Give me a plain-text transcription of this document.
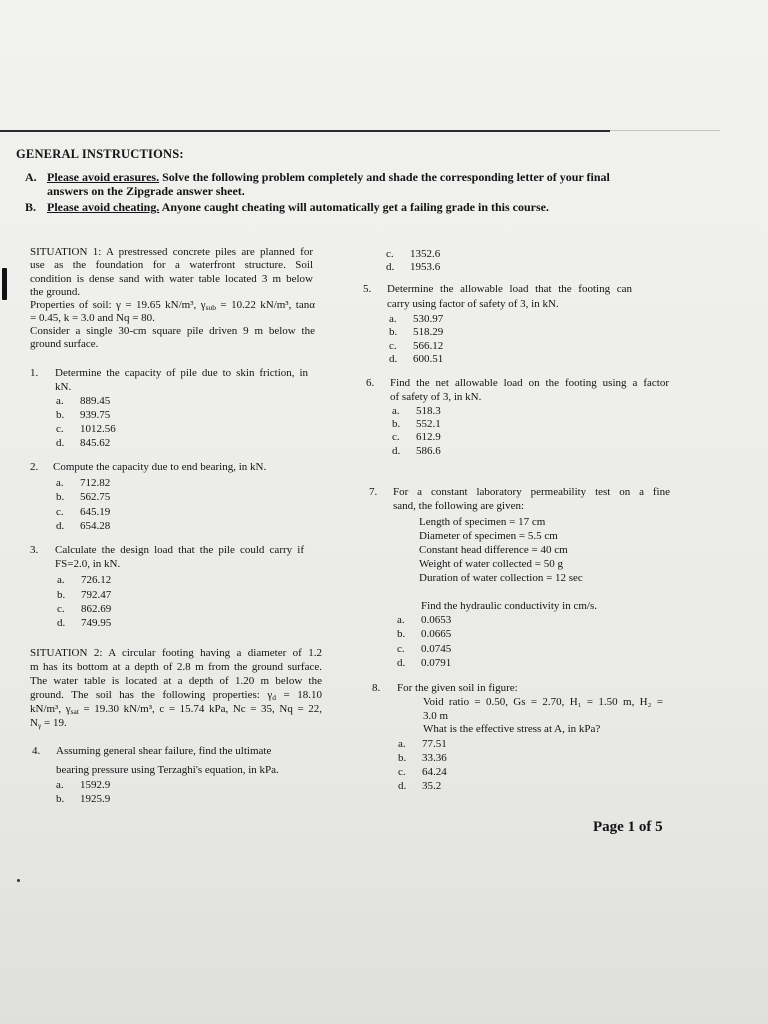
GENERAL INSTRUCTIONS:
A. Please avoid erasures. Solve the following problem completely and shade the corresponding letter of your final
answers on the Zipgrade answer sheet.
B. Please avoid cheating. Anyone caught cheating will automatically get a failing grade in this course.
SITUATION 1: A prestressed concrete piles are planned for
use as the foundation for a waterfront structure. Soil
condition is dense sand with water table located 3 m below
the ground.
Properties of soil: γ = 19.65 kN/m³, γsub = 10.22 kN/m³, tanα
= 0.45, k = 3.0 and Nq = 80.
Consider a single 30-cm square pile driven 9 m below the
ground surface.
1. Determine the capacity of pile due to skin friction, in
kN.
a. 889.45
b. 939.75
c. 1012.56
d. 845.62
2. Compute the capacity due to end bearing, in kN.
a. 712.82
b. 562.75
c. 645.19
d. 654.28
3. Calculate the design load that the pile could carry if
FS=2.0, in kN.
a. 726.12
b. 792.47
c. 862.69
d. 749.95
SITUATION 2: A circular footing having a diameter of 1.2
m has its bottom at a depth of 2.8 m from the ground surface.
The water table is located at a depth of 1.20 m below the
ground. The soil has the following properties: γd = 18.10
kN/m³, γsat = 19.30 kN/m³, c = 15.74 kPa, Nc = 35, Nq = 22,
Nγ = 19.
4. Assuming general shear failure, find the ultimate
bearing pressure using Terzaghi's equation, in kPa.
a. 1592.9
b. 1925.9
c. 1352.6
d. 1953.6
5. Determine the allowable load that the footing can
carry using factor of safety of 3, in kN.
a. 530.97
b. 518.29
c. 566.12
d. 600.51
6. Find the net allowable load on the footing using a factor
of safety of 3, in kN.
a. 518.3
b. 552.1
c. 612.9
d. 586.6
7. For a constant laboratory permeability test on a fine
sand, the following are given:
Length of specimen = 17 cm
Diameter of specimen = 5.5 cm
Constant head difference = 40 cm
Weight of water collected = 50 g
Duration of water collection = 12 sec
Find the hydraulic conductivity in cm/s.
a. 0.0653
b. 0.0665
c. 0.0745
d. 0.0791
8. For the given soil in figure:
Void ratio = 0.50, Gs = 2.70, H₁ = 1.50 m, H₂ =
3.0 m
What is the effective stress at A, in kPa?
a. 77.51
b. 33.36
c. 64.24
d. 35.2
Page 1 of 5
